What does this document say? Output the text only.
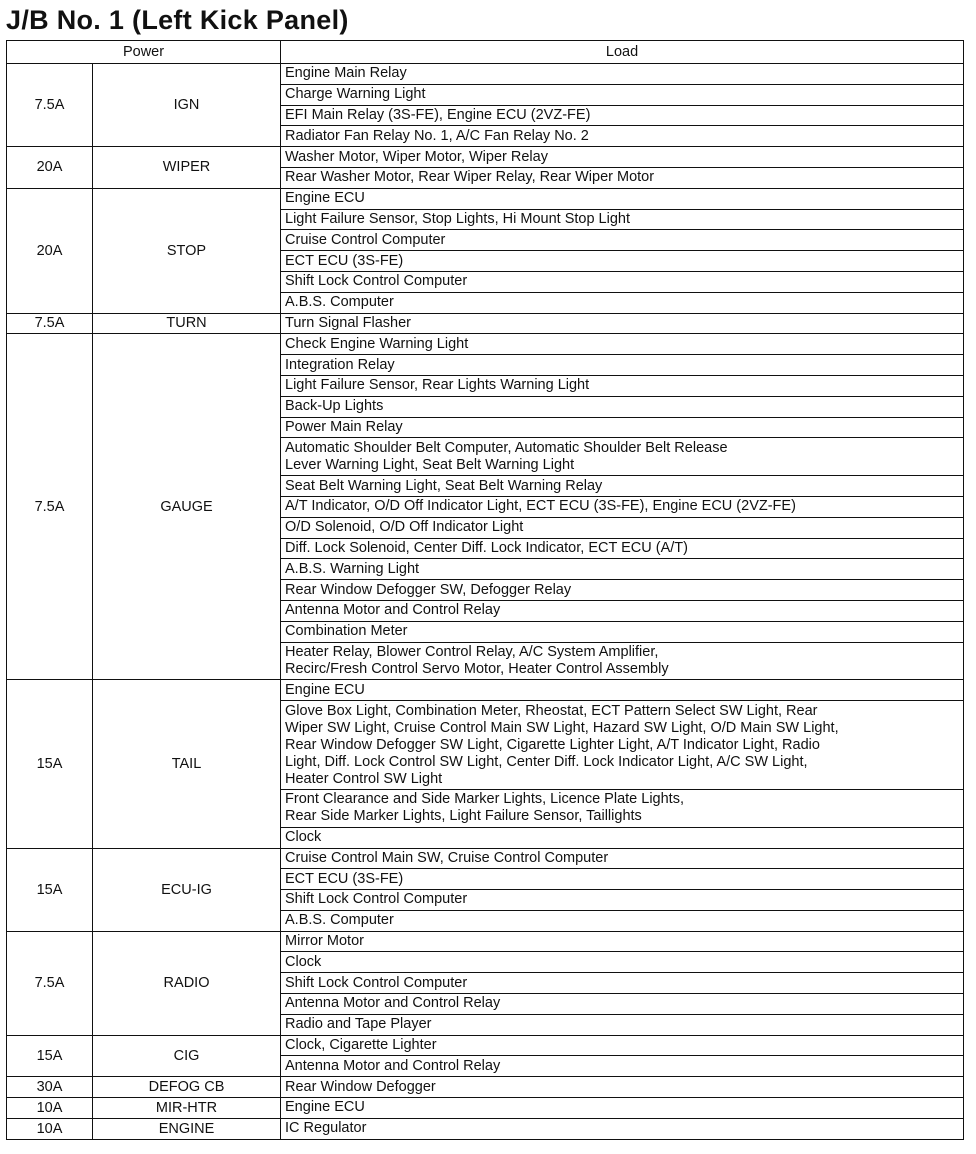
J/B No. 1 (Left Kick Panel)
Power		Load
7.5A	IGN	Engine Main Relay
		Charge Warning Light
		EFI Main Relay (3S-FE), Engine ECU (2VZ-FE)
		Radiator Fan Relay No. 1, A/C Fan Relay No. 2
20A	WIPER	Washer Motor, Wiper Motor, Wiper Relay
		Rear Washer Motor, Rear Wiper Relay, Rear Wiper Motor
20A	STOP	Engine ECU
		Light Failure Sensor, Stop Lights, Hi Mount Stop Light
		Cruise Control Computer
		ECT ECU (3S-FE)
		Shift Lock Control Computer
		A.B.S. Computer
7.5A	TURN	Turn Signal Flasher
7.5A	GAUGE	Check Engine Warning Light
		Integration Relay
		Light Failure Sensor, Rear Lights Warning Light
		Back-Up Lights
		Power Main Relay
		Automatic Shoulder Belt Computer, Automatic Shoulder Belt Release
Lever Warning Light, Seat Belt Warning Light
		Seat Belt Warning Light, Seat Belt Warning Relay
		A/T Indicator, O/D Off Indicator Light, ECT ECU (3S-FE), Engine ECU (2VZ-FE)
		O/D Solenoid, O/D Off Indicator Light
		Diff. Lock Solenoid, Center Diff. Lock Indicator, ECT ECU (A/T)
		A.B.S. Warning Light
		Rear Window Defogger SW, Defogger Relay
		Antenna Motor and Control Relay
		Combination Meter
		Heater Relay, Blower Control Relay, A/C System Amplifier,
Recirc/Fresh Control Servo Motor, Heater Control Assembly
15A	TAIL	Engine ECU
		Glove Box Light, Combination Meter, Rheostat, ECT Pattern Select SW Light, Rear
Wiper SW Light, Cruise Control Main SW Light, Hazard SW Light, O/D Main SW Light,
Rear Window Defogger SW Light, Cigarette Lighter Light, A/T Indicator Light, Radio
Light, Diff. Lock Control SW Light, Center Diff. Lock Indicator Light, A/C SW Light,
Heater Control SW Light
		Front Clearance and Side Marker Lights, Licence Plate Lights,
Rear Side Marker Lights, Light Failure Sensor, Taillights
		Clock
15A	ECU-IG	Cruise Control Main SW, Cruise Control Computer
		ECT ECU (3S-FE)
		Shift Lock Control Computer
		A.B.S. Computer
7.5A	RADIO	Mirror Motor
		Clock
		Shift Lock Control Computer
		Antenna Motor and Control Relay
		Radio and Tape Player
15A	CIG	Clock, Cigarette Lighter
		Antenna Motor and Control Relay
30A	DEFOG CB	Rear Window Defogger
10A	MIR-HTR	Engine ECU
10A	ENGINE	IC Regulator
